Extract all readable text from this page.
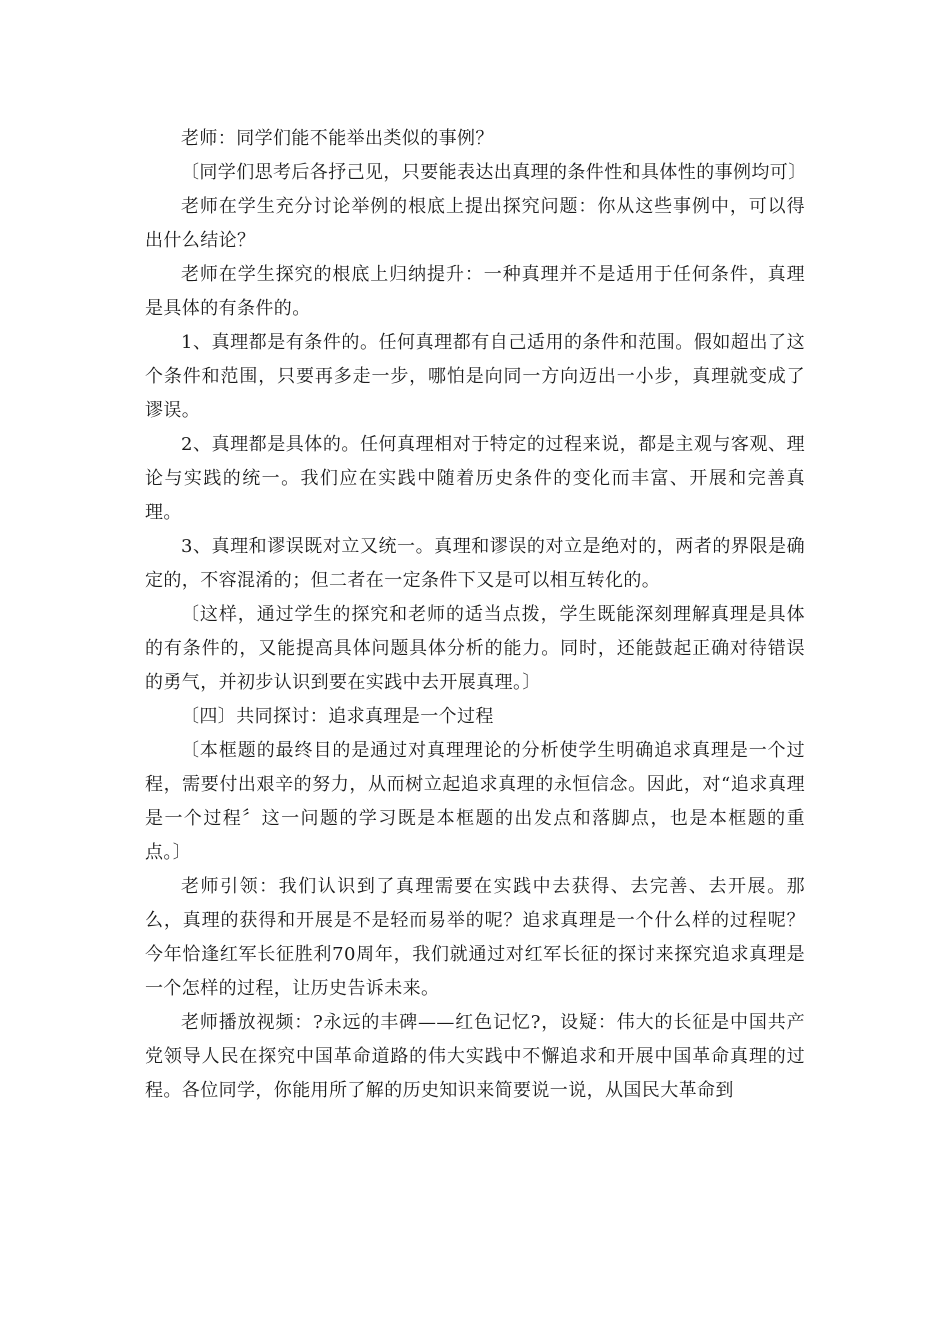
老师：同学们能不能举出类似的事例？

〔同学们思考后各抒己见，只要能表达出真理的条件性和具体性的事例均可〕

老师在学生充分讨论举例的根底上提出探究问题：你从这些事例中，可以得出什么结论？

老师在学生探究的根底上归纳提升：一种真理并不是适用于任何条件，真理是具体的有条件的。

1、真理都是有条件的。任何真理都有自己适用的条件和范围。假如超出了这个条件和范围，只要再多走一步，哪怕是向同一方向迈出一小步，真理就变成了谬误。

2、真理都是具体的。任何真理相对于特定的过程来说，都是主观与客观、理论与实践的统一。我们应在实践中随着历史条件的变化而丰富、开展和完善真理。

3、真理和谬误既对立又统一。真理和谬误的对立是绝对的，两者的界限是确定的，不容混淆的；但二者在一定条件下又是可以相互转化的。

〔这样，通过学生的探究和老师的适当点拨，学生既能深刻理解真理是具体的有条件的，又能提高具体问题具体分析的能力。同时，还能鼓起正确对待错误的勇气，并初步认识到要在实践中去开展真理。〕

〔四〕共同探讨：追求真理是一个过程

〔本框题的最终目的是通过对真理理论的分析使学生明确追求真理是一个过程，需要付出艰辛的努力，从而树立起追求真理的永恒信念。因此，对“追求真理是一个过程〞这一问题的学习既是本框题的出发点和落脚点，也是本框题的重点。〕

老师引领：我们认识到了真理需要在实践中去获得、去完善、去开展。那么，真理的获得和开展是不是轻而易举的呢？追求真理是一个什么样的过程呢？今年恰逢红军长征胜利70周年，我们就通过对红军长征的探讨来探究追求真理是一个怎样的过程，让历史告诉未来。

老师播放视频：?永远的丰碑——红色记忆?，设疑：伟大的长征是中国共产党领导人民在探究中国革命道路的伟大实践中不懈追求和开展中国革命真理的过程。各位同学，你能用所了解的历史知识来简要说一说，从国民大革命到
